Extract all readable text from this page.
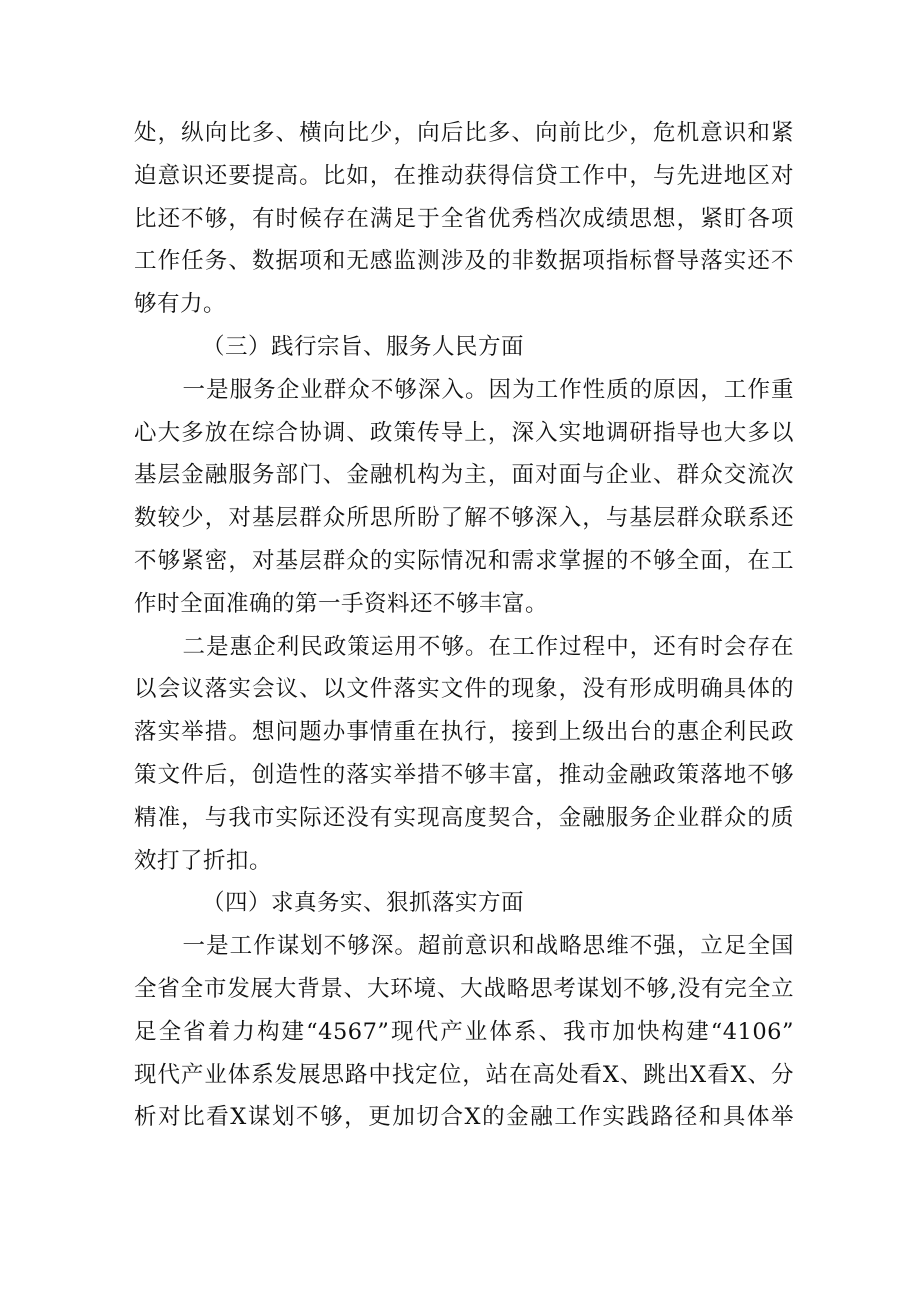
处，纵向比多、横向比少，向后比多、向前比少，危机意识和紧
迫意识还要提高。比如，在推动获得信贷工作中，与先进地区对
比还不够，有时候存在满足于全省优秀档次成绩思想，紧盯各项
工作任务、数据项和无感监测涉及的非数据项指标督导落实还不
够有力。
（三）践行宗旨、服务人民方面
一是服务企业群众不够深入。因为工作性质的原因，工作重
心大多放在综合协调、政策传导上，深入实地调研指导也大多以
基层金融服务部门、金融机构为主，面对面与企业、群众交流次
数较少，对基层群众所思所盼了解不够深入，与基层群众联系还
不够紧密，对基层群众的实际情况和需求掌握的不够全面，在工
作时全面准确的第一手资料还不够丰富。
二是惠企利民政策运用不够。在工作过程中，还有时会存在
以会议落实会议、以文件落实文件的现象，没有形成明确具体的
落实举措。想问题办事情重在执行，接到上级出台的惠企利民政
策文件后，创造性的落实举措不够丰富，推动金融政策落地不够
精准，与我市实际还没有实现高度契合，金融服务企业群众的质
效打了折扣。
（四）求真务实、狠抓落实方面
一是工作谋划不够深。超前意识和战略思维不强，立足全国
全省全市发展大背景、大环境、大战略思考谋划不够,没有完全立
足全省着力构建“4567”现代产业体系、我市加快构建“4106”
现代产业体系发展思路中找定位，站在高处看X、跳出X看X、分
析对比看X谋划不够，更加切合X的金融工作实践路径和具体举
